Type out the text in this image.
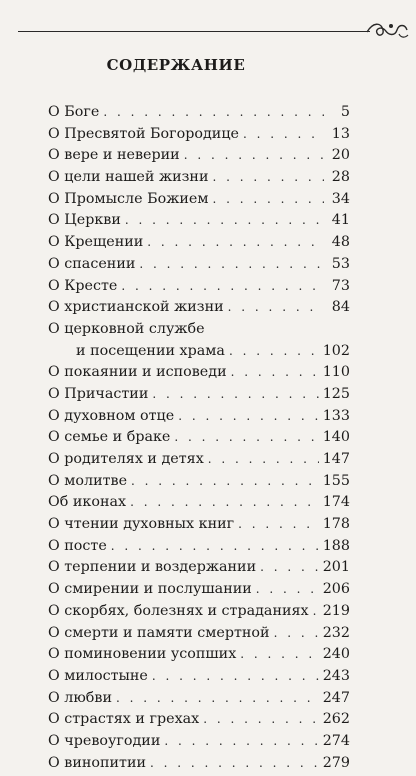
СОДЕРЖАНИЕ
О Боге . . .	5
О Пресвятой Богородице . . .	13
О вере и неверии . . .	20
О цели нашей жизни . . .	28
О Промысле Божием . . .	34
О Церкви . . .	41
О Крещении . . .	48
О спасении . . .	53
О Кресте . . .	73
О христианской жизни . . .	84
О церковной службе
и посещении храма . . .	102
О покаянии и исповеди . . .	110
О Причастии . . .	125
О духовном отце . . .	133
О семье и браке . . .	140
О родителях и детях . . .	147
О молитве . . .	155
Об иконах . . .	174
О чтении духовных книг . . .	178
О посте . . .	188
О терпении и воздержании . . .	201
О смирении и послушании . . .	206
О скорбях, болезнях и страданиях . . . 219
О смерти и памяти смертной . . .	232
О поминовении усопших . . .	240
О милостыне . . .	243
О любви . . .	247
О страстях и грехах . . .	262
О чревоугодии . . .	274
О винопитии . . .	279
